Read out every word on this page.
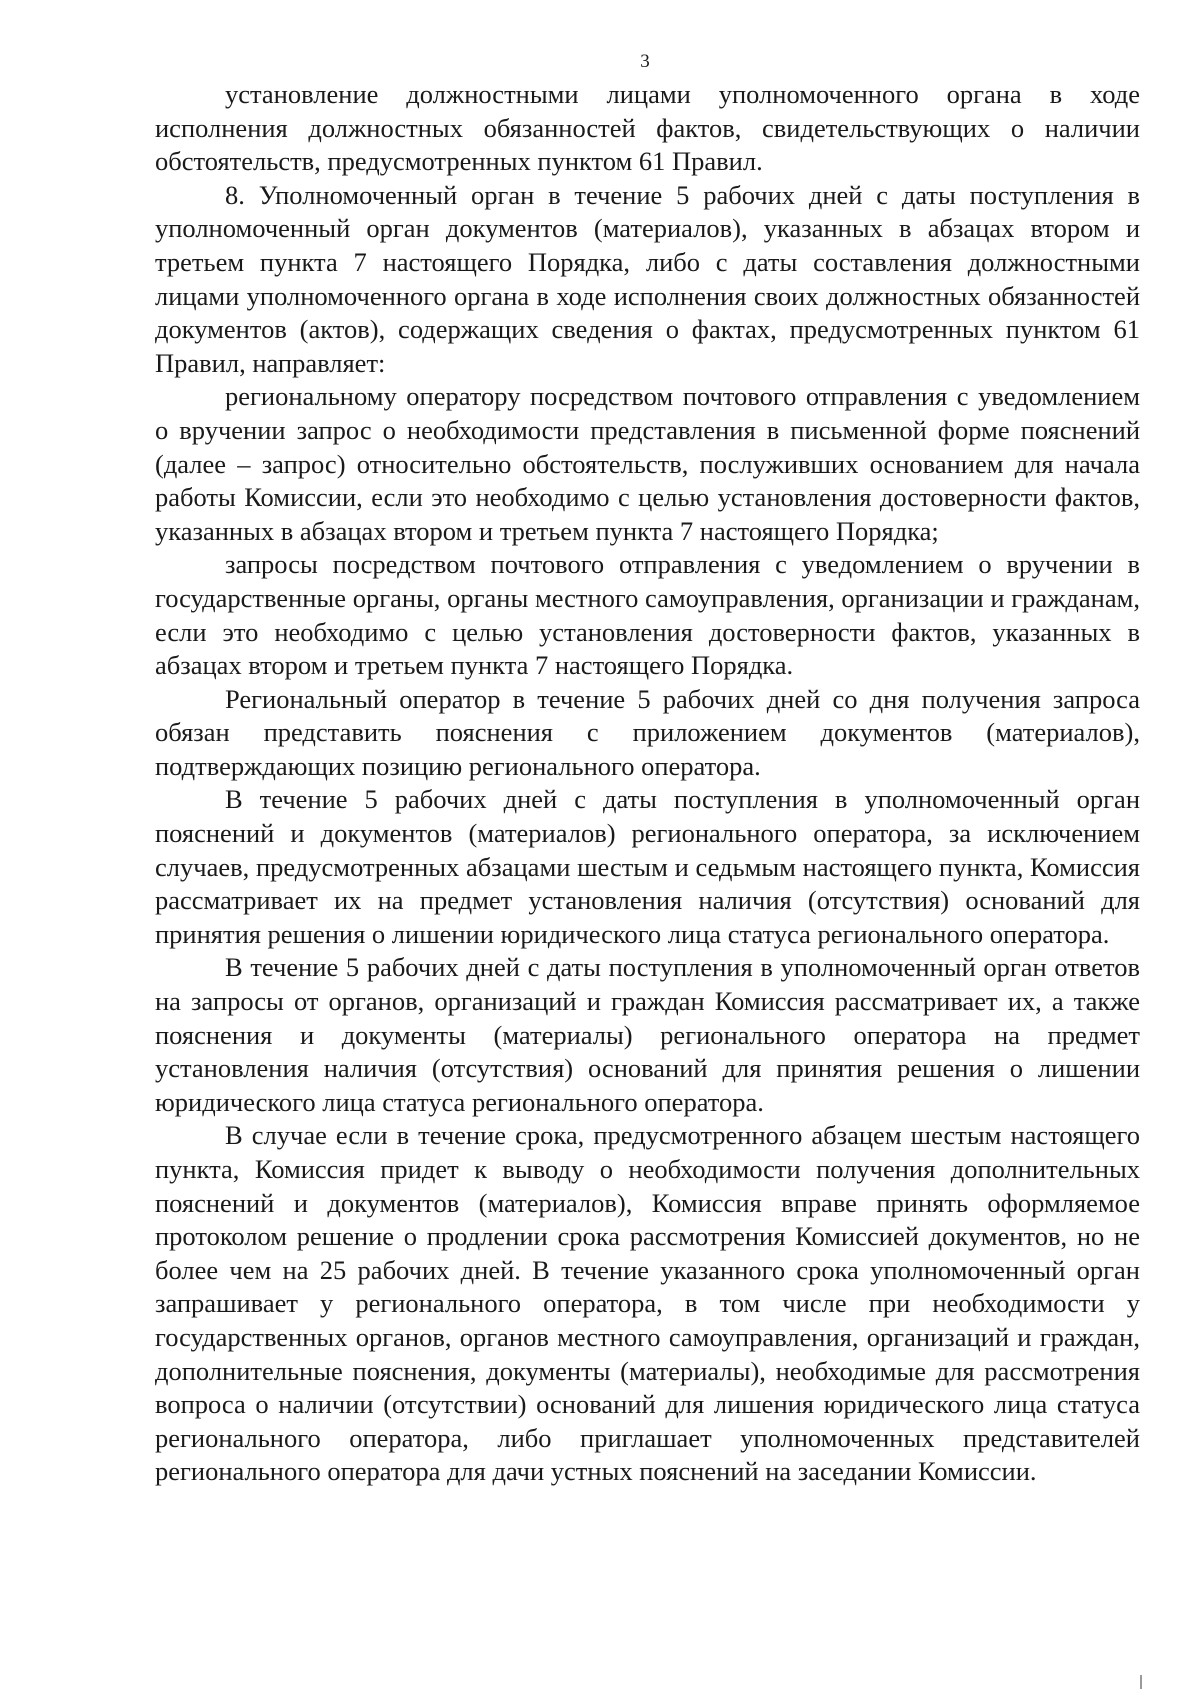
3

установление должностными лицами уполномоченного органа в ходе исполнения должностных обязанностей фактов, свидетельствующих о наличии обстоятельств, предусмотренных пунктом 61 Правил.

8. Уполномоченный орган в течение 5 рабочих дней с даты поступления в уполномоченный орган документов (материалов), указанных в абзацах втором и третьем пункта 7 настоящего Порядка, либо с даты составления должностными лицами уполномоченного органа в ходе исполнения своих должностных обязанностей документов (актов), содержащих сведения о фактах, предусмотренных пунктом 61 Правил, направляет:

региональному оператору посредством почтового отправления с уведомлением о вручении запрос о необходимости представления в письменной форме пояснений (далее – запрос) относительно обстоятельств, послуживших основанием для начала работы Комиссии, если это необходимо с целью установления достоверности фактов, указанных в абзацах втором и третьем пункта 7 настоящего Порядка;

запросы посредством почтового отправления с уведомлением о вручении в государственные органы, органы местного самоуправления, организации и гражданам, если это необходимо с целью установления достоверности фактов, указанных в абзацах втором и третьем пункта 7 настоящего Порядка.

Региональный оператор в течение 5 рабочих дней со дня получения запроса обязан представить пояснения с приложением документов (материалов), подтверждающих позицию регионального оператора.

В течение 5 рабочих дней с даты поступления в уполномоченный орган пояснений и документов (материалов) регионального оператора, за исключением случаев, предусмотренных абзацами шестым и седьмым настоящего пункта, Комиссия рассматривает их на предмет установления наличия (отсутствия) оснований для принятия решения о лишении юридического лица статуса регионального оператора.

В течение 5 рабочих дней с даты поступления в уполномоченный орган ответов на запросы от органов, организаций и граждан Комиссия рассматривает их, а также пояснения и документы (материалы) регионального оператора на предмет установления наличия (отсутствия) оснований для принятия решения о лишении юридического лица статуса регионального оператора.

В случае если в течение срока, предусмотренного абзацем шестым настоящего пункта, Комиссия придет к выводу о необходимости получения дополнительных пояснений и документов (материалов), Комиссия вправе принять оформляемое протоколом решение о продлении срока рассмотрения Комиссией документов, но не более чем на 25 рабочих дней. В течение указанного срока уполномоченный орган запрашивает у регионального оператора, в том числе при необходимости у государственных органов, органов местного самоуправления, организаций и граждан, дополнительные пояснения, документы (материалы), необходимые для рассмотрения вопроса о наличии (отсутствии) оснований для лишения юридического лица статуса регионального оператора, либо приглашает уполномоченных представителей регионального оператора для дачи устных пояснений на заседании Комиссии.
